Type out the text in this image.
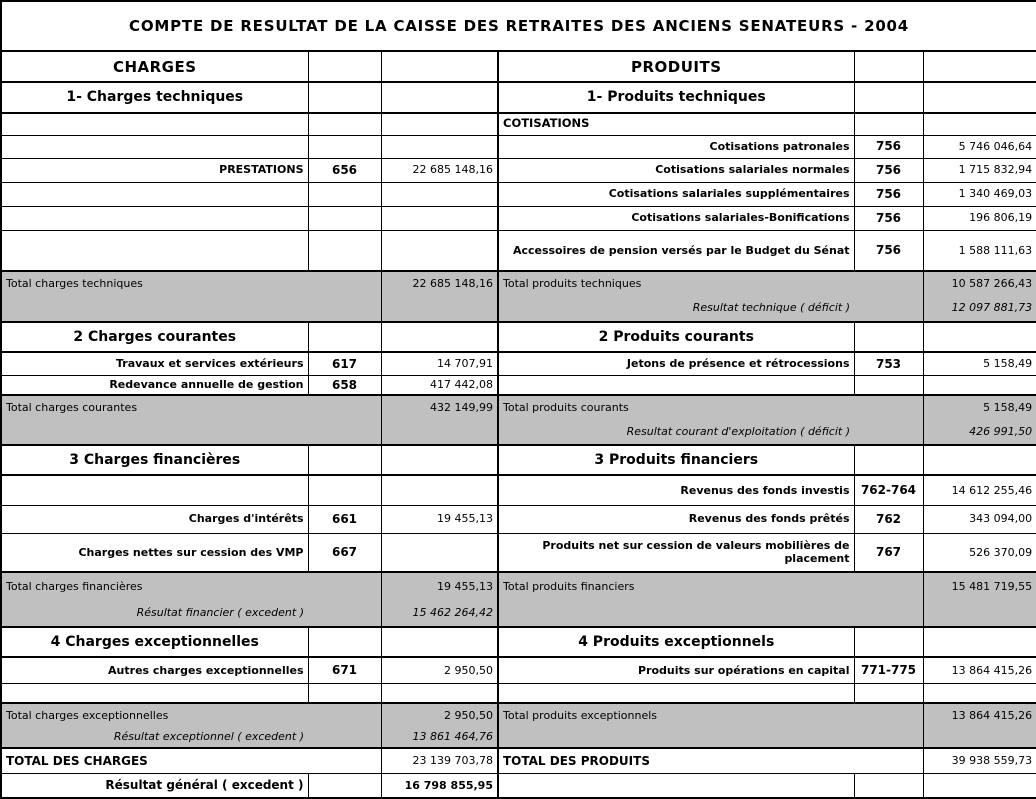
COMPTE DE RESULTAT DE LA CAISSE DES RETRAITES DES ANCIENS SENATEURS - 2004					
CHARGES			PRODUITS		
1- Charges techniques			1- Produits techniques		
			COTISATIONS		
			Cotisations patronales	756	5 746 046,64
PRESTATIONS	656	22 685 148,16	Cotisations salariales normales	756	1 715 832,94
			Cotisations salariales supplémentaires	756	1 340 469,03
			Cotisations salariales-Bonifications	756	196 806,19
			Accessoires de pension versés par le Budget du Sénat	756	1 588 111,63
Total charges techniques		22 685 148,16	Total produits techniques		10 587 266,43
			Resultat technique ( déficit )		12 097 881,73
2 Charges courantes			2 Produits courants		
Travaux et services extérieurs	617	14 707,91	Jetons de présence et rétrocessions	753	5 158,49
Redevance annuelle de gestion	658	417 442,08			
Total charges courantes		432 149,99	Total produits courants		5 158,49
			Resultat courant d'exploitation ( déficit )		426 991,50
3 Charges financières			3 Produits financiers		
			Revenus des fonds investis	762-764	14 612 255,46
Charges d'intérêts	661	19 455,13	Revenus des fonds prêtés	762	343 094,00
Charges nettes sur cession des VMP	667		Produits net sur cession de valeurs mobilières de placement	767	526 370,09
Total charges financières		19 455,13	Total produits financiers		15 481 719,55
Résultat financier ( excedent )		15 462 264,42			
4 Charges exceptionnelles			4 Produits exceptionnels		
Autres charges exceptionnelles	671	2 950,50	Produits sur opérations en capital	771-775	13 864 415,26

Total charges exceptionnelles		2 950,50	Total produits exceptionnels		13 864 415,26
Résultat exceptionnel ( excedent )		13 861 464,76			
TOTAL DES CHARGES		23 139 703,78	TOTAL DES PRODUITS		39 938 559,73
Résultat général ( excedent )		16 798 855,95			
